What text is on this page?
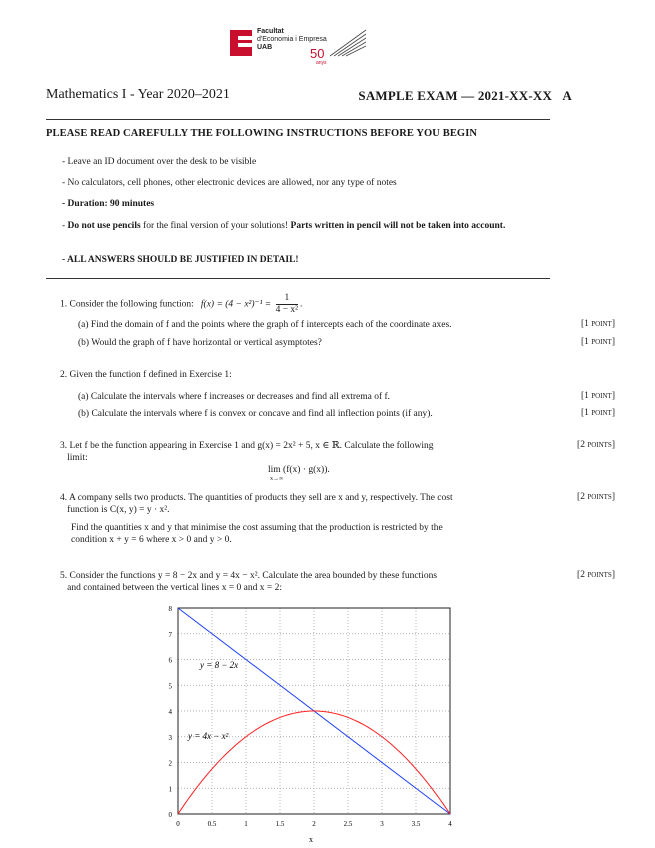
Facultat
d'Economia i Empresa
UAB	50
anys
Mathematics I - Year 2020–2021	SAMPLE EXAM — 2021-XX-XX A
PLEASE READ CAREFULLY THE FOLLOWING INSTRUCTIONS BEFORE YOU BEGIN
- Leave an ID document over the desk to be visible
- No calculators, cell phones, other electronic devices are allowed, nor any type of notes
- Duration: 90 minutes
- Do not use pencils for the final version of your solutions! Parts written in pencil will not be taken into account.
- ALL ANSWERS SHOULD BE JUSTIFIED IN DETAIL!
1. Consider the following function: $f(x) = (4 - x^2)^{-1} = \frac{1}{\text{4 − x²}}$ .
(a) Find the domain of f and the points where the graph of f intercepts each of the coordinate axes.	[1 point]
(b) Would the graph of f have horizontal or vertical asymptotes?	[1 point]
2. Given the function f defined in Exercise 1:
(a) Calculate the intervals where f increases or decreases and find all extrema of f.	[1 point]
(b) Calculate the intervals where f is convex or concave and find all inflection points (if any).	[1 point]
3. Let f be the function appearing in Exercise 1 and g(x) = 2x² + 5, x ∈ ℝ. Calculate the following
limit:
[2 points]
lim (f(x) · g(x)).
x→∞
4. A company sells two products. The quantities of products they sell are x and y, respectively. The cost
function is C(x, y) = y · x².
[2 points]
Find the quantities x and y that minimise the cost assuming that the production is restricted by the
condition x + y = 6 where x > 0 and y > 0.
5. Consider the functions y = 8 − 2x and y = 4x − x². Calculate the area bounded by these functions
and contained between the vertical lines x = 0 and x = 2:
[2 points]
0	0.5	1	1.5	2	2.5	3	3.5	4
0
1
2
3
4
5
6
7
8
y = 8 − 2x
y = 4x − x²
x
